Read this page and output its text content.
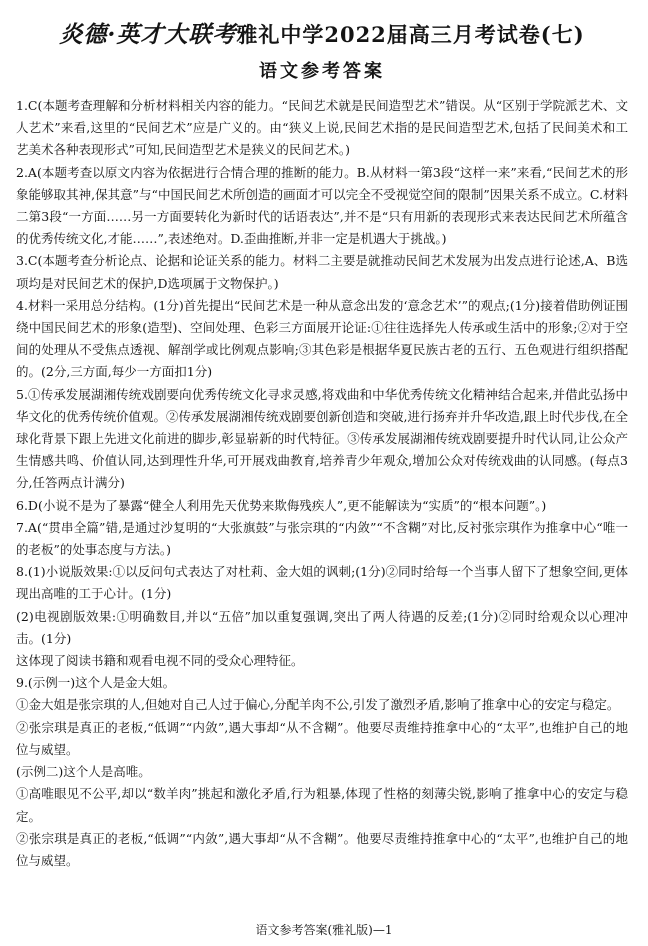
炎德·英才大联考 雅礼中学2022届高三月考试卷(七)
语文参考答案

1.C(本题考查理解和分析材料相关内容的能力。“民间艺术就是民间造型艺术”错误。从“区别于学院派艺术、文人艺术”来看,这里的“民间艺术”应是广义的。由“狭义上说,民间艺术指的是民间造型艺术,包括了民间美术和工艺美术各种表现形式”可知,民间造型艺术是狭义的民间艺术。)

2.A(本题考查以原文内容为依据进行合情合理的推断的能力。B.从材料一第3段“这样一来”来看,“民间艺术的形象能够取其神,保其意”与“中国民间艺术所创造的画面才可以完全不受视觉空间的限制”因果关系不成立。C.材料二第3段“一方面……另一方面要转化为新时代的话语表达”,并不是“只有用新的表现形式来表达民间艺术所蕴含的优秀传统文化,才能……”,表述绝对。D.歪曲推断,并非一定是机遇大于挑战。)

3.C(本题考查分析论点、论据和论证关系的能力。材料二主要是就推动民间艺术发展为出发点进行论述,A、B选项均是对民间艺术的保护,D选项属于文物保护。)

4.材料一采用总分结构。(1分)首先提出“民间艺术是一种从意念出发的‘意念艺术’”的观点;(1分)接着借助例证围绕中国民间艺术的形象(造型)、空间处理、色彩三方面展开论证:①往往选择先人传承或生活中的形象;②对于空间的处理从不受焦点透视、解剖学或比例观点影响;③其色彩是根据华夏民族古老的五行、五色观进行组织搭配的。(2分,三方面,每少一方面扣1分)

5.①传承发展湖湘传统戏剧要向优秀传统文化寻求灵感,将戏曲和中华优秀传统文化精神结合起来,并借此弘扬中华文化的优秀传统价值观。②传承发展湖湘传统戏剧要创新创造和突破,进行扬弃并升华改造,跟上时代步伐,在全球化背景下跟上先进文化前进的脚步,彰显崭新的时代特征。③传承发展湖湘传统戏剧要提升时代认同,让公众产生情感共鸣、价值认同,达到理性升华,可开展戏曲教育,培养青少年观众,增加公众对传统戏曲的认同感。(每点3分,任答两点计满分)

6.D(小说不是为了暴露“健全人利用先天优势来欺侮残疾人”,更不能解读为“实质”的“根本问题”。)

7.A(“贯串全篇”错,是通过沙复明的“大张旗鼓”与张宗琪的“内敛”“不含糊”对比,反衬张宗琪作为推拿中心“唯一的老板”的处事态度与方法。)

8.(1)小说版效果:①以反问句式表达了对杜莉、金大姐的讽刺;(1分)②同时给每一个当事人留下了想象空间,更体现出高唯的工于心计。(1分)

(2)电视剧版效果:①明确数目,并以“五倍”加以重复强调,突出了两人待遇的反差;(1分)②同时给观众以心理冲击。(1分)

这体现了阅读书籍和观看电视不同的受众心理特征。

9.(示例一)这个人是金大姐。

①金大姐是张宗琪的人,但她对自己人过于偏心,分配羊肉不公,引发了激烈矛盾,影响了推拿中心的安定与稳定。

②张宗琪是真正的老板,“低调”“内敛”,遇大事却“从不含糊”。他要尽责维持推拿中心的“太平”,也维护自己的地位与威望。

(示例二)这个人是高唯。

①高唯眼见不公平,却以“数羊肉”挑起和激化矛盾,行为粗暴,体现了性格的刻薄尖锐,影响了推拿中心的安定与稳定。

②张宗琪是真正的老板,“低调”“内敛”,遇大事却“从不含糊”。他要尽责维持推拿中心的“太平”,也维护自己的地位与威望。

语文参考答案(雅礼版)—1
